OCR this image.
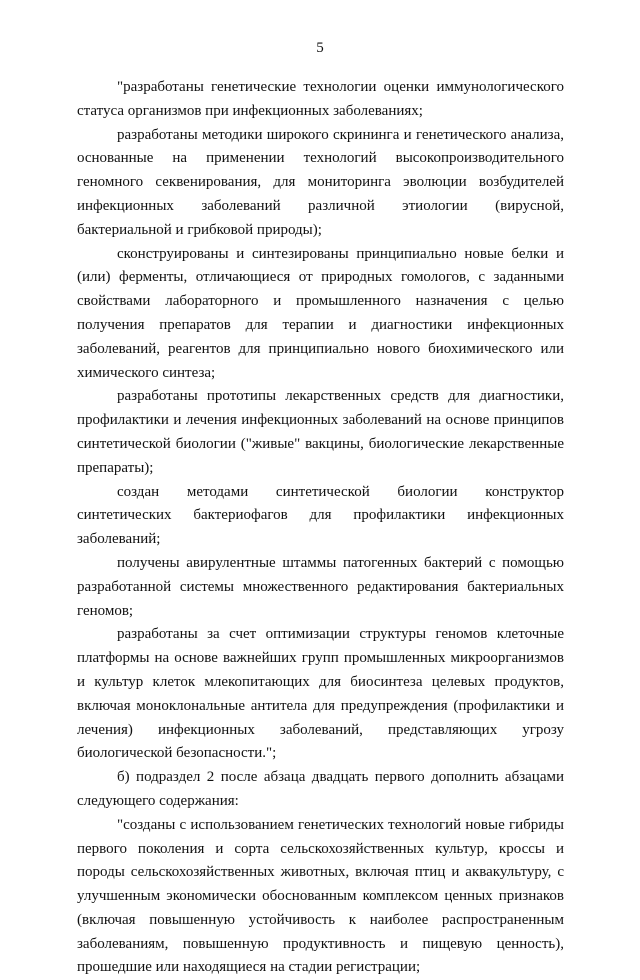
5

"разработаны генетические технологии оценки иммунологического статуса организмов при инфекционных заболеваниях;

разработаны методики широкого скрининга и генетического анализа, основанные на применении технологий высокопроизводительного геномного секвенирования, для мониторинга эволюции возбудителей инфекционных заболеваний различной этиологии (вирусной, бактериальной и грибковой природы);

сконструированы и синтезированы принципиально новые белки и (или) ферменты, отличающиеся от природных гомологов, с заданными свойствами лабораторного и промышленного назначения с целью получения препаратов для терапии и диагностики инфекционных заболеваний, реагентов для принципиально нового биохимического или химического синтеза;

разработаны прототипы лекарственных средств для диагностики, профилактики и лечения инфекционных заболеваний на основе принципов синтетической биологии ("живые" вакцины, биологические лекарственные препараты);

создан методами синтетической биологии конструктор синтетических бактериофагов для профилактики инфекционных заболеваний;

получены авирулентные штаммы патогенных бактерий с помощью разработанной системы множественного редактирования бактериальных геномов;

разработаны за счет оптимизации структуры геномов клеточные платформы на основе важнейших групп промышленных микроорганизмов и культур клеток млекопитающих для биосинтеза целевых продуктов, включая моноклональные антитела для предупреждения (профилактики и лечения) инфекционных заболеваний, представляющих угрозу биологической безопасности.";

б) подраздел 2 после абзаца двадцать первого дополнить абзацами следующего содержания:

"созданы с использованием генетических технологий новые гибриды первого поколения и сорта сельскохозяйственных культур, кроссы и породы сельскохозяйственных животных, включая птиц и аквакультуру, с улучшенным экономически обоснованным комплексом ценных признаков (включая повышенную устойчивость к наиболее распространенным заболеваниям, повышенную продуктивность и пищевую ценность), прошедшие или находящиеся на стадии регистрации;
